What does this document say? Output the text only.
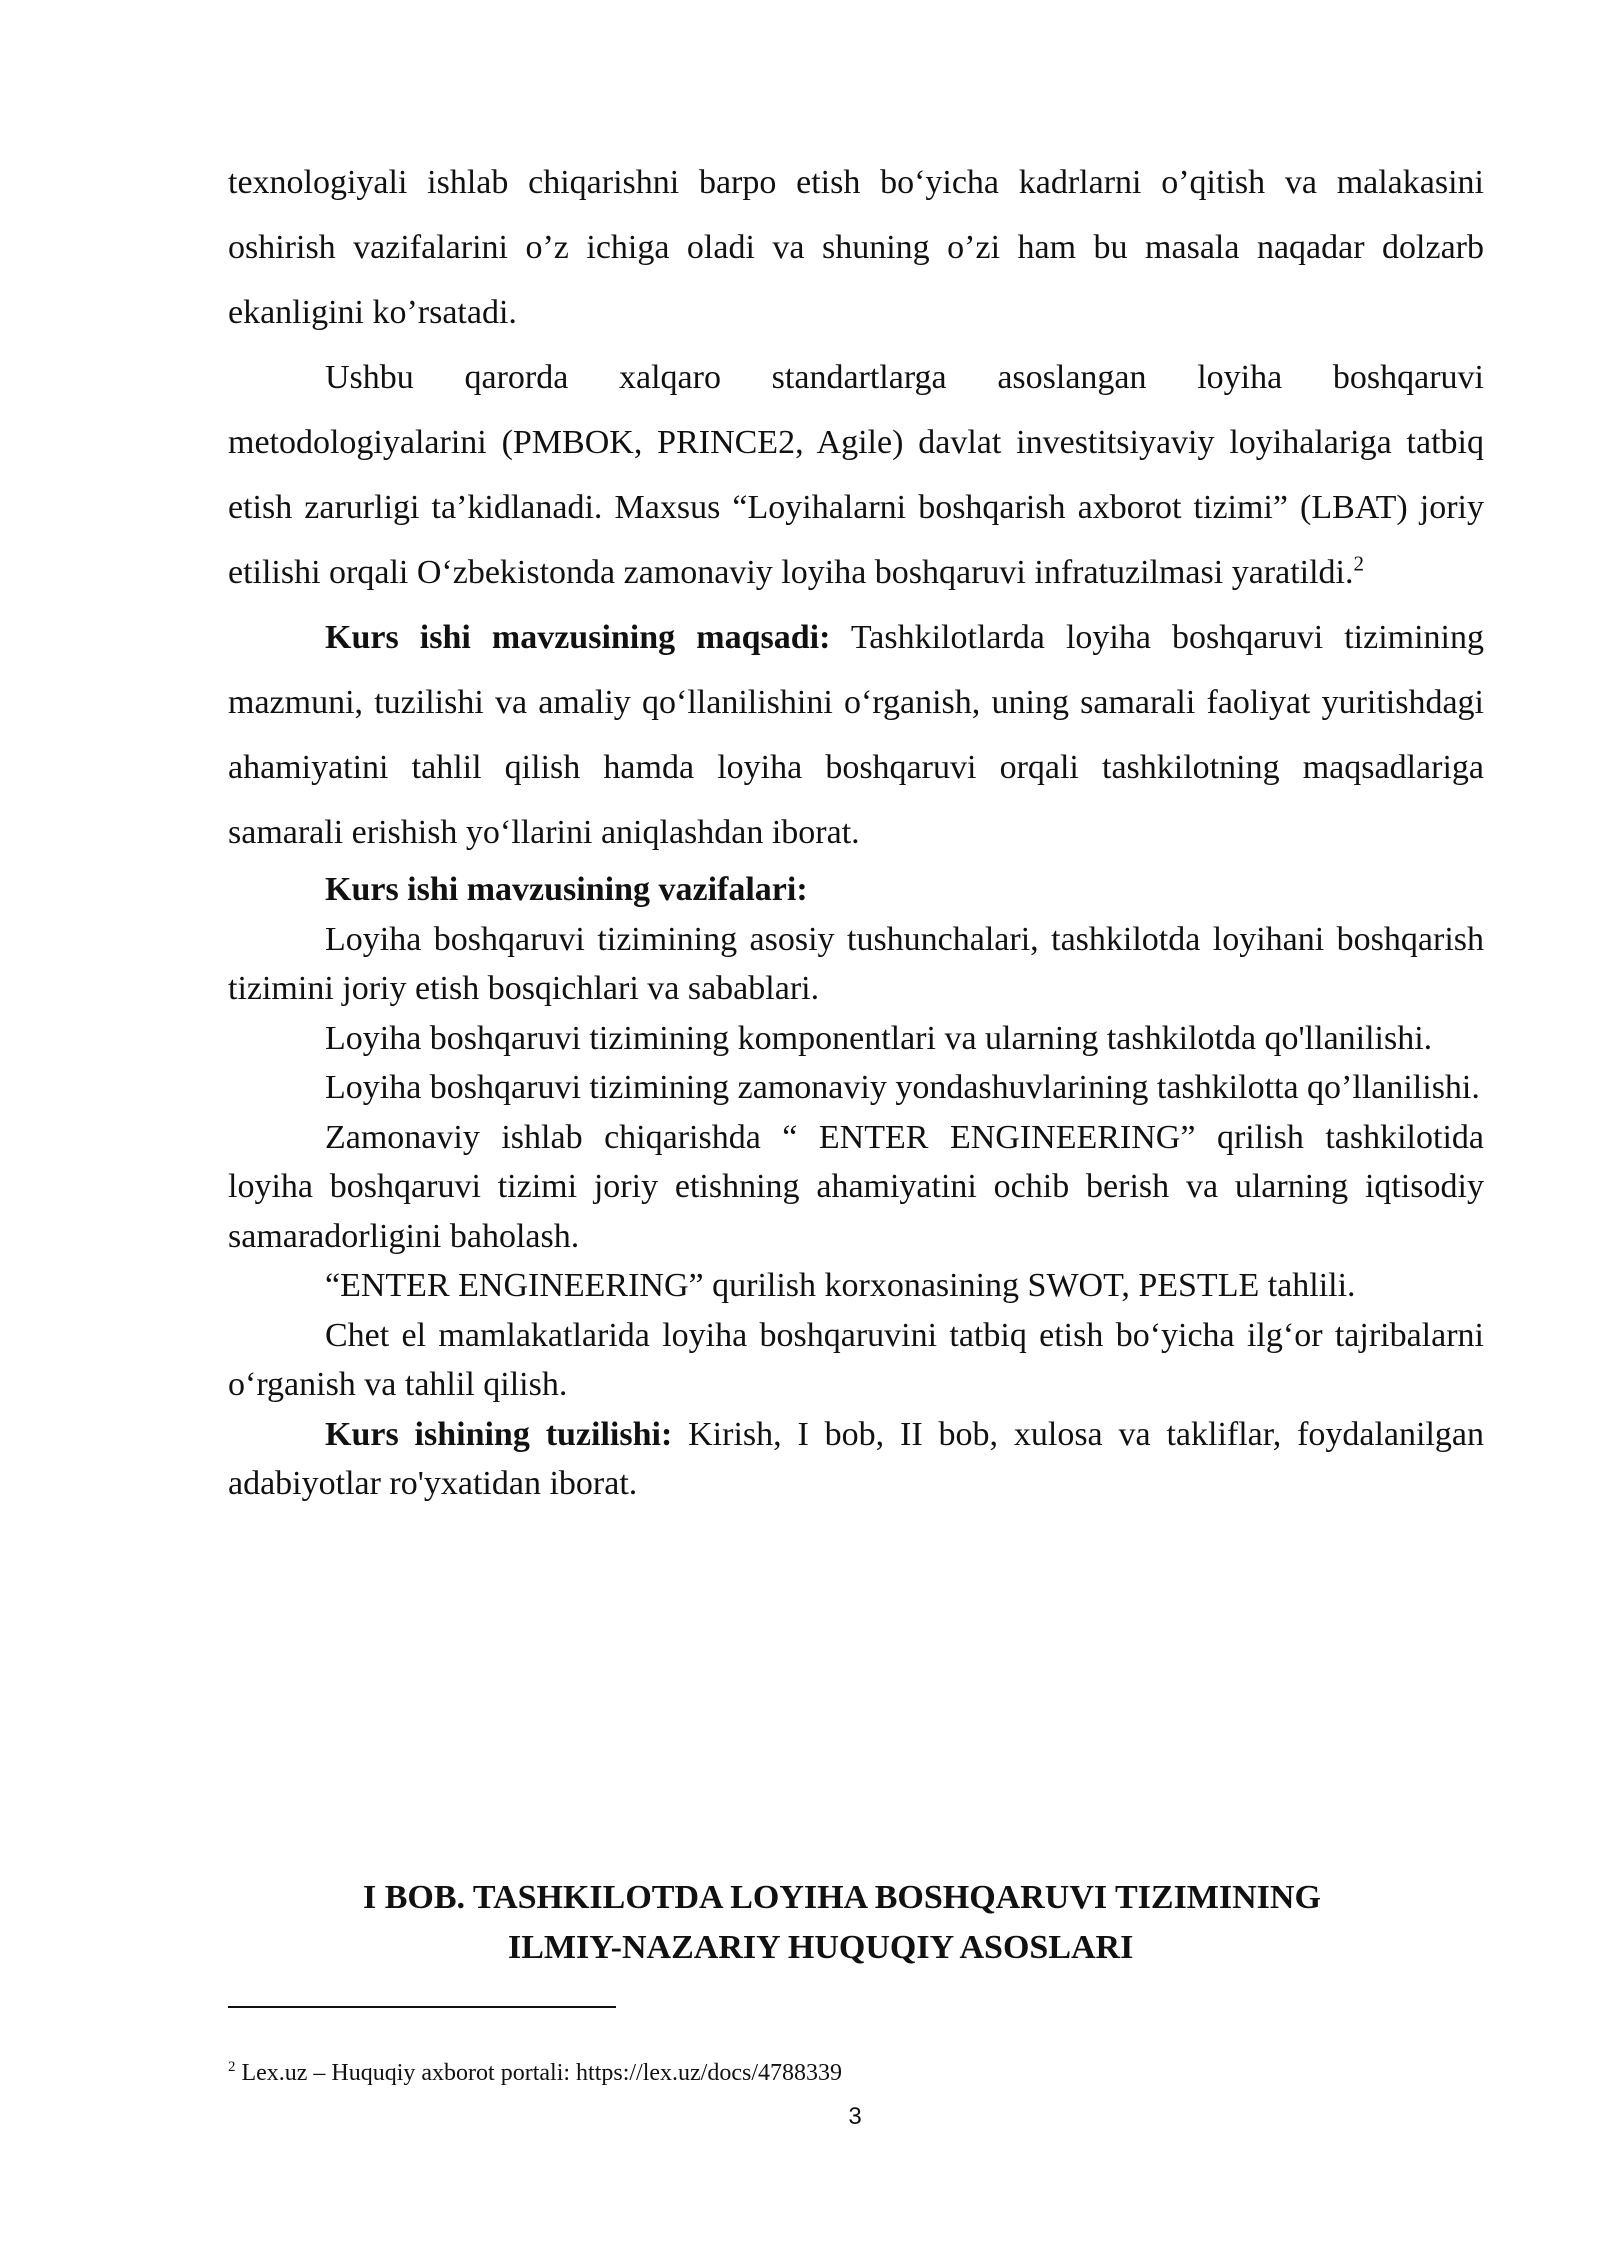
texnologiyali ishlab chiqarishni barpo etish bo‘yicha kadrlarni o’qitish va malakasini oshirish vazifalarini o’z ichiga oladi va shuning o’zi ham bu masala naqadar dolzarb ekanligini ko’rsatadi.

Ushbu qarorda xalqaro standartlarga asoslangan loyiha boshqaruvi metodologiyalarini (PMBOK, PRINCE2, Agile) davlat investitsiyaviy loyihalariga tatbiq etish zarurligi ta’kidlanadi. Maxsus “Loyihalarni boshqarish axborot tizimi” (LBAT) joriy etilishi orqali O‘zbekistonda zamonaviy loyiha boshqaruvi infratuzilmasi yaratildi.$^2$

Kurs ishi mavzusining maqsadi: Tashkilotlarda loyiha boshqaruvi tizimining mazmuni, tuzilishi va amaliy qo‘llanilishini o‘rganish, uning samarali faoliyat yuritishdagi ahamiyatini tahlil qilish hamda loyiha boshqaruvi orqali tashkilotning maqsadlariga samarali erishish yo‘llarini aniqlashdan iborat.

Kurs ishi mavzusining vazifalari:

Loyiha boshqaruvi tizimining asosiy tushunchalari, tashkilotda loyihani boshqarish tizimini joriy etish bosqichlari va sabablari.

Loyiha boshqaruvi tizimining komponentlari va ularning tashkilotda qo'llanilishi.

Loyiha boshqaruvi tizimining zamonaviy yondashuvlarining tashkilotta qo’llanilishi.

Zamonaviy ishlab chiqarishda “ ENTER ENGINEERING” qrilish tashkilotida loyiha boshqaruvi tizimi joriy etishning ahamiyatini ochib berish va ularning iqtisodiy samaradorligini baholash.

“ENTER ENGINEERING” qurilish korxonasining SWOT, PESTLE tahlili.

Chet el mamlakatlarida loyiha boshqaruvini tatbiq etish bo‘yicha ilg‘or tajribalarni o‘rganish va tahlil qilish.

Kurs ishining tuzilishi: Kirish, I bob, II bob, xulosa va takliflar, foydalanilgan adabiyotlar ro'yxatidan iborat.

I BOB. TASHKILOTDA LOYIHA BOSHQARUVI TIZIMINING
ILMIY-NAZARIY HUQUQIY ASOSLARI
$^2$ Lex.uz – Huquqiy axborot portali: https://lex.uz/docs/4788339
3
